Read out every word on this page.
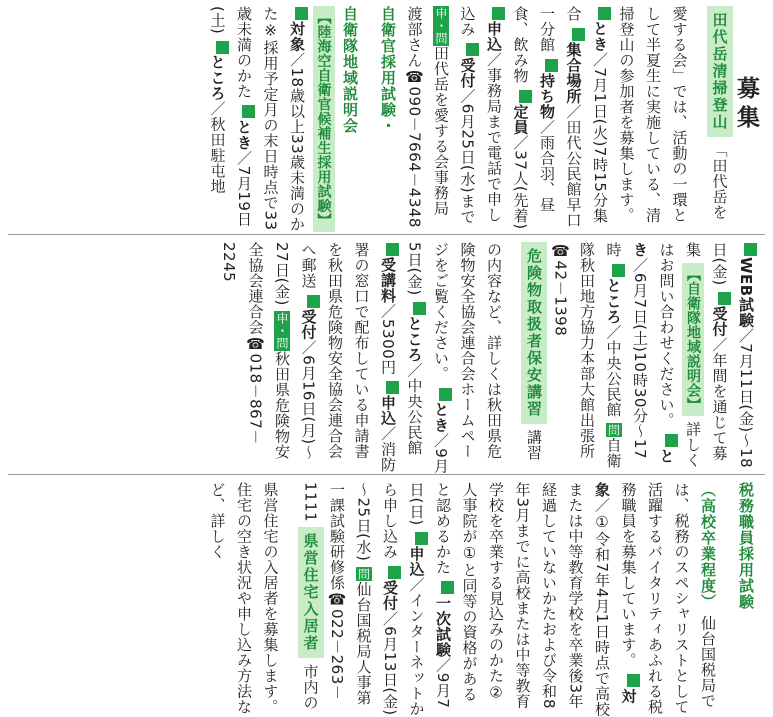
募集 田代岳清掃登山 「田代岳を愛する会」では、活動の一環として半夏生に実施している、清掃登山の参加者を募集します。 とき／7月1日(火)7時15分集合 集合場所／田代公民館早口一分館 持ち物／雨合羽、昼食、飲み物 定員／37人(先着) 申込／事務局まで電話で申し込み 受付／6月25日(水)まで 申・問田代岳を愛する会事務局　渡部さん☎090－7664－4348 自衛官採用試験・ 自衛隊地域説明会 【陸海空自衛官候補生採用試験】 対象／18歳以上33歳未満のかた※採用予定月の末日時点で33歳未満のかた とき／7月19日(土) ところ／秋田駐屯地
WEB試験／7月11日(金)～18日(金) 受付／年間を通じて募集 【自衛隊地域説明会】 詳しくはお問い合わせください。 とき／6月7日(土)10時30分～17時 ところ／中央公民館 問自衛隊秋田地方協力本部大館出張所☎42－1398 危険物取扱者保安講習 講習の内容など、詳しくは秋田県危険物安全協会連合会ホームページをご覧ください。 とき／9月5日(金) ところ／中央公民館 受講料／5300円 申込／消防署の窓口で配布している申請書を秋田県危険物安全協会連合会へ郵送 受付／6月16日(月)～27日(金) 申・問秋田県危険物安全協会連合会☎018－867－2245
税務職員採用試験 （高校卒業程度） 仙台国税局では、税務のスペシャリストとして活躍するバイタリティあふれる税務職員を募集しています。 対象／①令和7年4月1日時点で高校または中等教育学校を卒業後3年経過していないかたおよび令和8年3月までに高校または中等教育学校を卒業する見込みのかた②人事院が①と同等の資格があると認めるかた 一次試験／9月7日(日) 申込／インターネットから申し込み 受付／6月13日(金)～25日(水) 問仙台国税局人事第一課試験研修係☎022－263－1111 県営住宅入居者 市内の県営住宅の入居者を募集します。住宅の空き状況や申し込み方法など、詳しく
